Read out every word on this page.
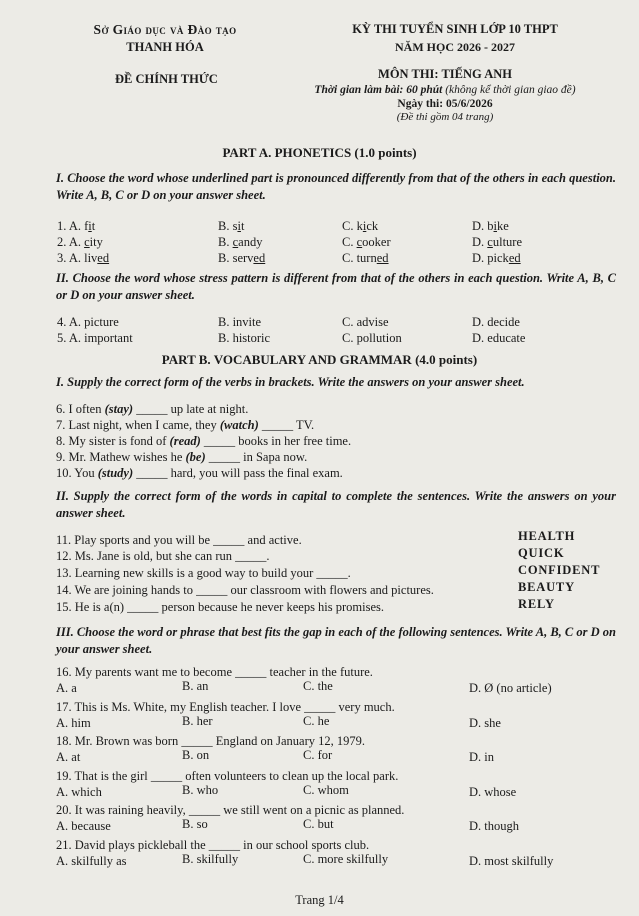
Sở Giáo dục và Đào tạo
THANH HÓA
KỲ THI TUYỂN SINH LỚP 10 THPT
NĂM HỌC 2026 - 2027
ĐỀ CHÍNH THỨC	MÔN THI: TIẾNG ANH
Thời gian làm bài: 60 phút (không kể thời gian giao đề)
Ngày thi: 05/6/2026
(Đề thi gồm 04 trang)
PART A. PHONETICS (1.0 points)
I. Choose the word whose underlined part is pronounced differently from that of the others in each question. Write A, B, C or D on your answer sheet.
1. A. fit	B. sit	C. kick	D. bike
2. A. city	B. candy	C. cooker	D. culture
3. A. lived	B. served	C. turned	D. picked
II. Choose the word whose stress pattern is different from that of the others in each question. Write A, B, C or D on your answer sheet.
4. A. picture	B. invite	C. advise	D. decide
5. A. important	B. historic	C. pollution	D. educate
PART B. VOCABULARY AND GRAMMAR (4.0 points)
I. Supply the correct form of the verbs in brackets. Write the answers on your answer sheet.
6. I often (stay) _____ up late at night.
7. Last night, when I came, they (watch) _____ TV.
8. My sister is fond of (read) _____ books in her free time.
9. Mr. Mathew wishes he (be) _____ in Sapa now.
10. You (study) _____ hard, you will pass the final exam.
II. Supply the correct form of the words in capital to complete the sentences. Write the answers on your answer sheet.
11. Play sports and you will be _____ and active.	HEALTH
12. Ms. Jane is old, but she can run _____.	QUICK
13. Learning new skills is a good way to build your _____.	CONFIDENT
14. We are joining hands to _____ our classroom with flowers and pictures.	BEAUTY
15. He is a(n) _____ person because he never keeps his promises.	RELY
III. Choose the word or phrase that best fits the gap in each of the following sentences. Write A, B, C or D on your answer sheet.
16. My parents want me to become _____ teacher in the future.
A. a	B. an	C. the	D. Ø (no article)
17. This is Ms. White, my English teacher. I love _____ very much.
A. him	B. her	C. he	D. she
18. Mr. Brown was born _____ England on January 12, 1979.
A. at	B. on	C. for	D. in
19. That is the girl _____ often volunteers to clean up the local park.
A. which	B. who	C. whom	D. whose
20. It was raining heavily, _____ we still went on a picnic as planned.
A. because	B. so	C. but	D. though
21. David plays pickleball the _____ in our school sports club.
A. skilfully as	B. skilfully	C. more skilfully	D. most skilfully
Trang 1/4
